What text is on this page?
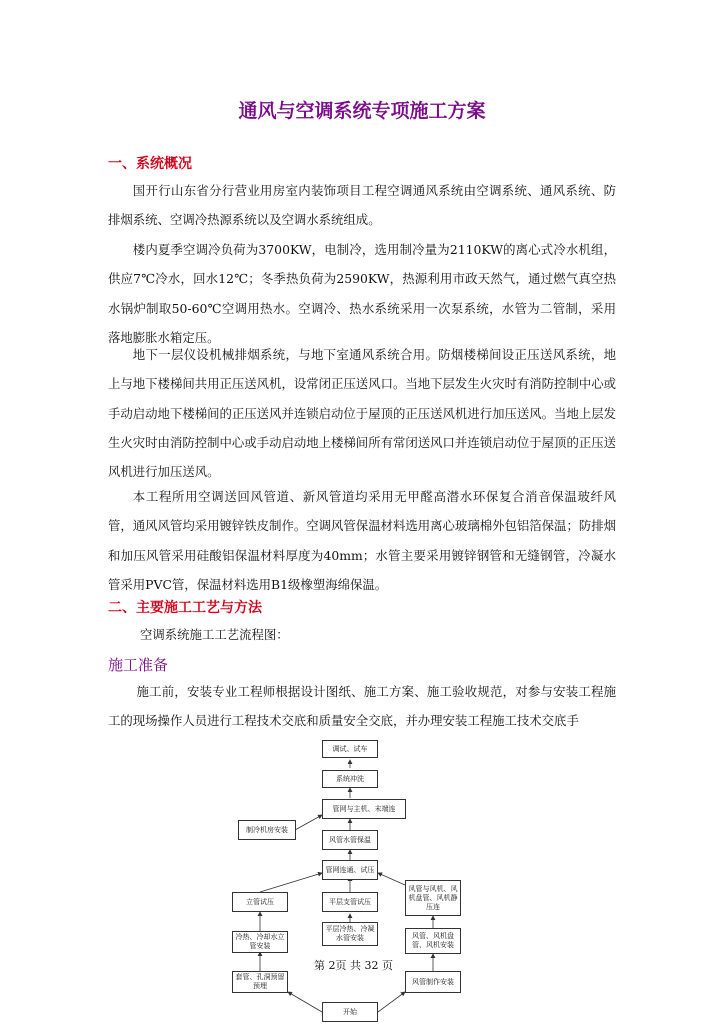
通风与空调系统专项施工方案
一、系统概况

国开行山东省分行营业用房室内装饰项目工程空调通风系统由空调系统、通风系统、防排烟系统、空调冷热源系统以及空调水系统组成。

楼内夏季空调冷负荷为3700KW，电制冷，选用制冷量为2110KW的离心式冷水机组，供应7℃冷水，回水12℃；冬季热负荷为2590KW，热源利用市政天然气，通过燃气真空热水锅炉制取50-60℃空调用热水。空调冷、热水系统采用一次泵系统，水管为二管制，采用落地膨胀水箱定压。

地下一层仪设机械排烟系统，与地下室通风系统合用。防烟楼梯间设正压送风系统，地上与地下楼梯间共用正压送风机，设常闭正压送风口。当地下层发生火灾时有消防控制中心或手动启动地下楼梯间的正压送风并连锁启动位于屋顶的正压送风机进行加压送风。当地上层发生火灾时由消防控制中心或手动启动地上楼梯间所有常闭送风口并连锁启动位于屋顶的正压送风机进行加压送风。

本工程所用空调送回风管道、新风管道均采用无甲醛高潜水环保复合消音保温玻纤风管，通风风管均采用镀锌铁皮制作。空调风管保温材料选用离心玻璃棉外包铝箔保温；防排烟和加压风管采用硅酸铝保温材料厚度为40mm；水管主要采用镀锌钢管和无缝钢管，冷凝水管采用PVC管，保温材料选用B1级橡塑海绵保温。

二、主要施工工艺与方法
空调系统施工工艺流程图：
施工准备

施工前，安装专业工程师根据设计图纸、施工方案、施工验收规范，对参与安装工程施工的现场操作人员进行工程技术交底和质量安全交底，并办理安装工程施工技术交底手

调试、试车
系统冲洗
管网与主机、末端连
制冷机房安装
风管水管保温
管网连通、试压
立管试压	平层支管试压
风管与风机、风机盘管、风机静压连
冷热、冷却水立管安装
平层冷热、冷凝水管安装	风管、风机盘管、风机安装
套管、孔洞预留预埋
风管制作安装
开始
第 2页 共 32 页
